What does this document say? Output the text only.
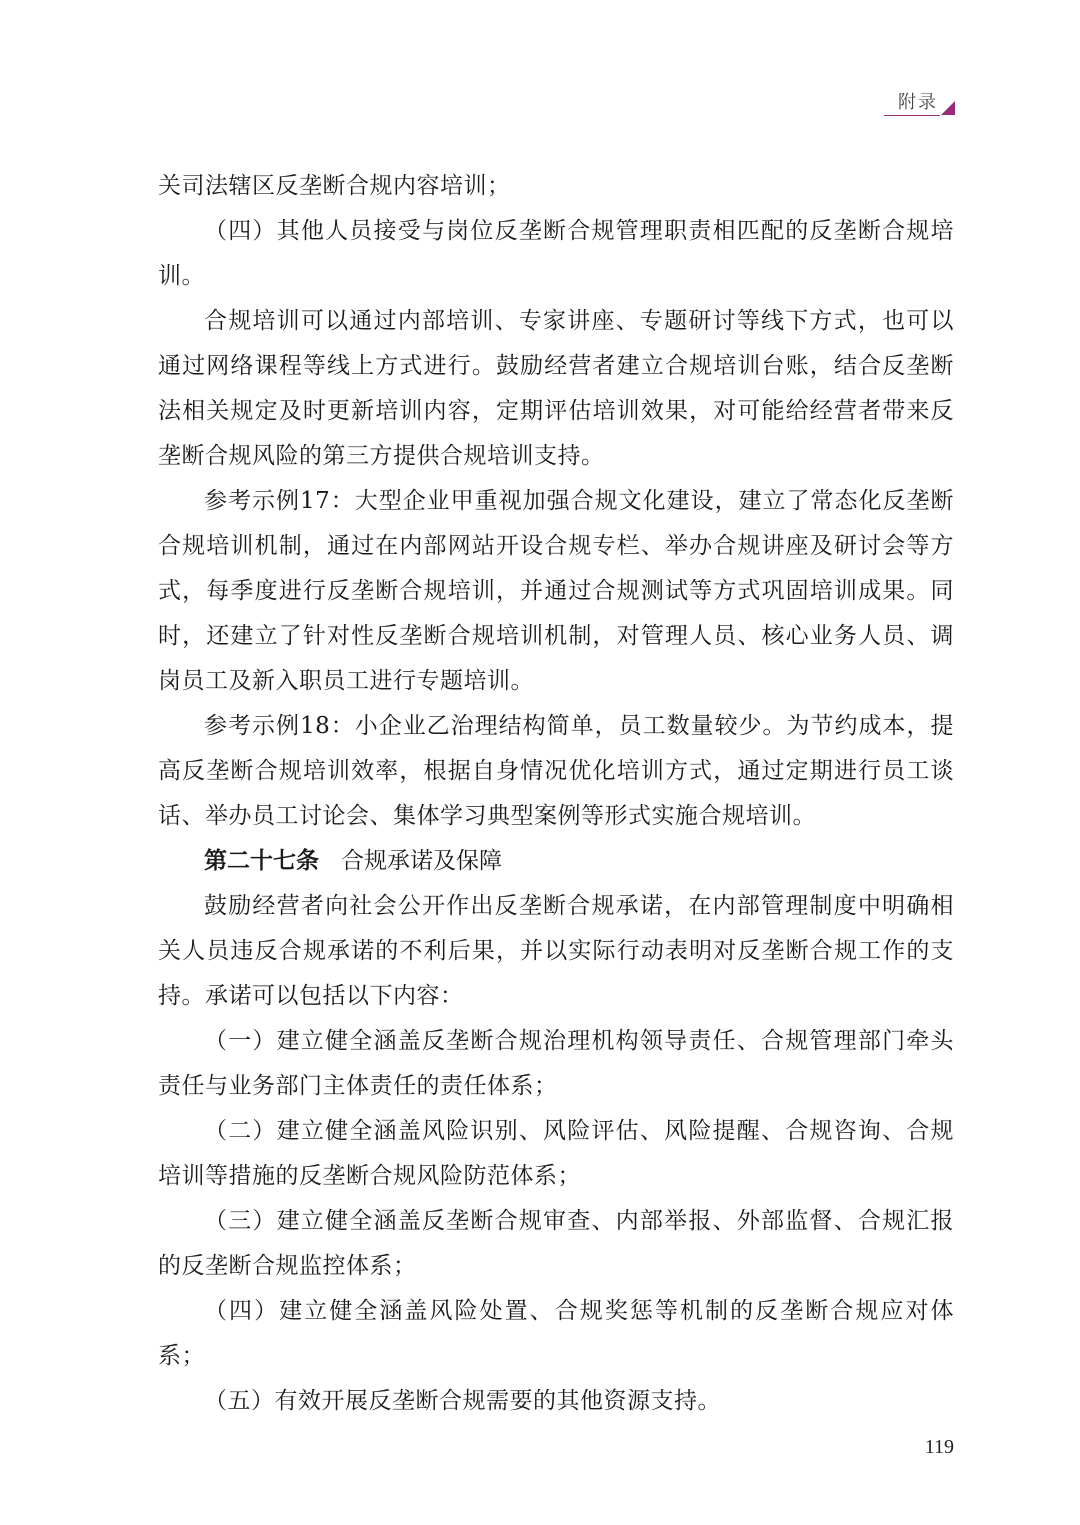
附录

关司法辖区反垄断合规内容培训；

（四）其他人员接受与岗位反垄断合规管理职责相匹配的反垄断合规培训。

合规培训可以通过内部培训、专家讲座、专题研讨等线下方式，也可以通过网络课程等线上方式进行。鼓励经营者建立合规培训台账，结合反垄断法相关规定及时更新培训内容，定期评估培训效果，对可能给经营者带来反垄断合规风险的第三方提供合规培训支持。

参考示例17：大型企业甲重视加强合规文化建设，建立了常态化反垄断合规培训机制，通过在内部网站开设合规专栏、举办合规讲座及研讨会等方式，每季度进行反垄断合规培训，并通过合规测试等方式巩固培训成果。同时，还建立了针对性反垄断合规培训机制，对管理人员、核心业务人员、调岗员工及新入职员工进行专题培训。

参考示例18：小企业乙治理结构简单，员工数量较少。为节约成本，提高反垄断合规培训效率，根据自身情况优化培训方式，通过定期进行员工谈话、举办员工讨论会、集体学习典型案例等形式实施合规培训。

第二十七条 合规承诺及保障

鼓励经营者向社会公开作出反垄断合规承诺，在内部管理制度中明确相关人员违反合规承诺的不利后果，并以实际行动表明对反垄断合规工作的支持。承诺可以包括以下内容：

（一）建立健全涵盖反垄断合规治理机构领导责任、合规管理部门牵头责任与业务部门主体责任的责任体系；

（二）建立健全涵盖风险识别、风险评估、风险提醒、合规咨询、合规培训等措施的反垄断合规风险防范体系；

（三）建立健全涵盖反垄断合规审查、内部举报、外部监督、合规汇报的反垄断合规监控体系；

（四）建立健全涵盖风险处置、合规奖惩等机制的反垄断合规应对体系；

（五）有效开展反垄断合规需要的其他资源支持。

119
